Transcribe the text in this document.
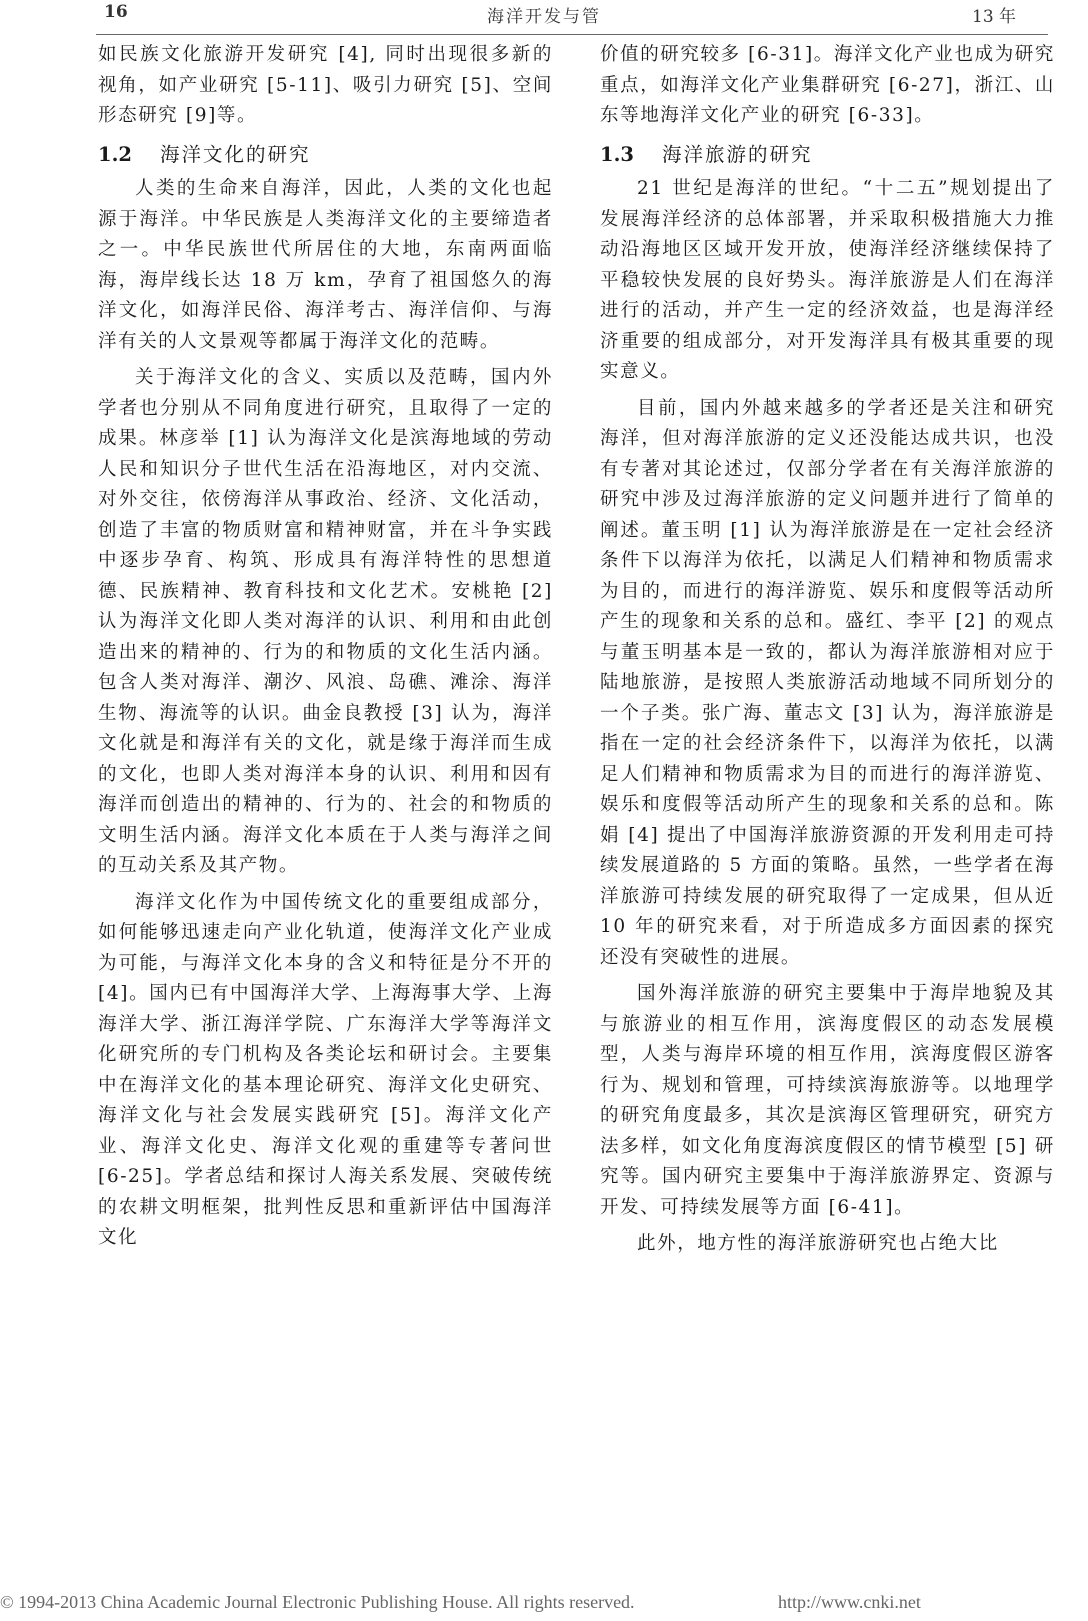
16	海洋开发与管	13 年

如民族文化旅游开发研究 [4], 同时出现很多新的视角，如产业研究 [5-11]、吸引力研究 [5]、空间形态研究 [9]等。

1.2 海洋文化的研究

人类的生命来自海洋，因此，人类的文化也起源于海洋。中华民族是人类海洋文化的主要缔造者之一。中华民族世代所居住的大地，东南两面临海，海岸线长达 18 万 km，孕育了祖国悠久的海洋文化，如海洋民俗、海洋考古、海洋信仰、与海洋有关的人文景观等都属于海洋文化的范畴。

关于海洋文化的含义、实质以及范畴，国内外学者也分别从不同角度进行研究，且取得了一定的成果。林彦举 [1] 认为海洋文化是滨海地域的劳动人民和知识分子世代生活在沿海地区，对内交流、对外交往，依傍海洋从事政治、经济、文化活动，创造了丰富的物质财富和精神财富，并在斗争实践中逐步孕育、构筑、形成具有海洋特性的思想道德、民族精神、教育科技和文化艺术。安桃艳 [2] 认为海洋文化即人类对海洋的认识、利用和由此创造出来的精神的、行为的和物质的文化生活内涵。包含人类对海洋、潮汐、风浪、岛礁、滩涂、海洋生物、海流等的认识。曲金良教授 [3] 认为，海洋文化就是和海洋有关的文化，就是缘于海洋而生成的文化，也即人类对海洋本身的认识、利用和因有海洋而创造出的精神的、行为的、社会的和物质的文明生活内涵。海洋文化本质在于人类与海洋之间的互动关系及其产物。

海洋文化作为中国传统文化的重要组成部分，如何能够迅速走向产业化轨道，使海洋文化产业成为可能，与海洋文化本身的含义和特征是分不开的 [4]。国内已有中国海洋大学、上海海事大学、上海海洋大学、浙江海洋学院、广东海洋大学等海洋文化研究所的专门机构及各类论坛和研讨会。主要集中在海洋文化的基本理论研究、海洋文化史研究、海洋文化与社会发展实践研究 [5]。海洋文化产业、海洋文化史、海洋文化观的重建等专著问世 [6-25]。学者总结和探讨人海关系发展、突破传统的农耕文明框架，批判性反思和重新评估中国海洋文化

价值的研究较多 [6-31]。海洋文化产业也成为研究重点，如海洋文化产业集群研究 [6-27]，浙江、山东等地海洋文化产业的研究 [6-33]。

1.3 海洋旅游的研究

21 世纪是海洋的世纪。“十二五”规划提出了发展海洋经济的总体部署，并采取积极措施大力推动沿海地区区域开发开放，使海洋经济继续保持了平稳较快发展的良好势头。海洋旅游是人们在海洋进行的活动，并产生一定的经济效益，也是海洋经济重要的组成部分，对开发海洋具有极其重要的现实意义。

目前，国内外越来越多的学者还是关注和研究海洋，但对海洋旅游的定义还没能达成共识，也没有专著对其论述过，仅部分学者在有关海洋旅游的研究中涉及过海洋旅游的定义问题并进行了简单的阐述。董玉明 [1] 认为海洋旅游是在一定社会经济条件下以海洋为依托，以满足人们精神和物质需求为目的，而进行的海洋游览、娱乐和度假等活动所产生的现象和关系的总和。盛红、李平 [2] 的观点与董玉明基本是一致的，都认为海洋旅游相对应于陆地旅游，是按照人类旅游活动地域不同所划分的一个子类。张广海、董志文 [3] 认为，海洋旅游是指在一定的社会经济条件下，以海洋为依托，以满足人们精神和物质需求为目的而进行的海洋游览、娱乐和度假等活动所产生的现象和关系的总和。陈娟 [4] 提出了中国海洋旅游资源的开发利用走可持续发展道路的 5 方面的策略。虽然，一些学者在海洋旅游可持续发展的研究取得了一定成果，但从近 10 年的研究来看，对于所造成多方面因素的探究还没有突破性的进展。

国外海洋旅游的研究主要集中于海岸地貌及其与旅游业的相互作用，滨海度假区的动态发展模型，人类与海岸环境的相互作用，滨海度假区游客行为、规划和管理，可持续滨海旅游等。以地理学的研究角度最多，其次是滨海区管理研究，研究方法多样，如文化角度海滨度假区的情节模型 [5] 研究等。国内研究主要集中于海洋旅游界定、资源与开发、可持续发展等方面 [6-41]。

此外，地方性的海洋旅游研究也占绝大比

© 1994-2013 China Academic Journal Electronic Publishing House. All rights reserved.	http://www.cnki.net
